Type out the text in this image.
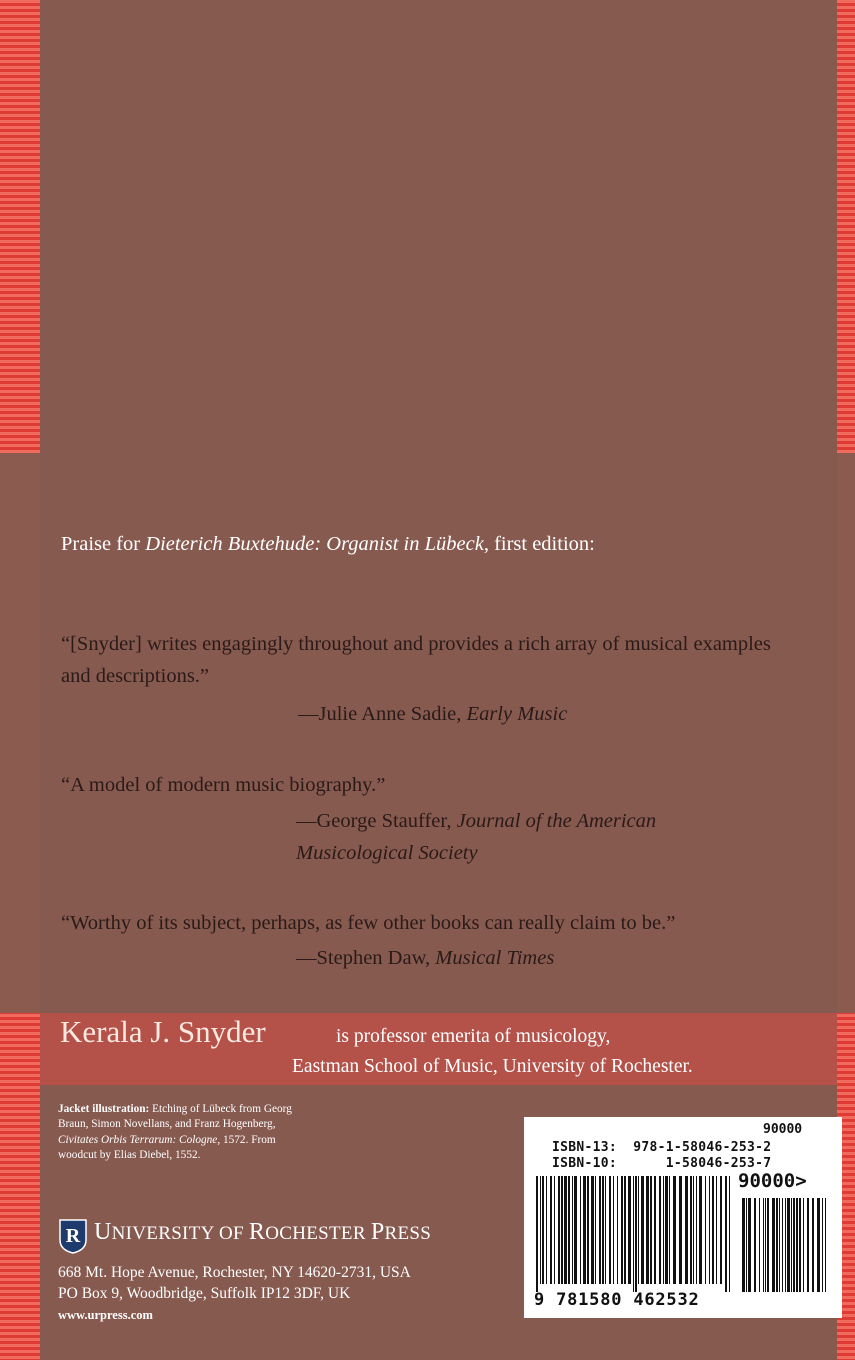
Praise for Dieterich Buxtehude: Organist in Lübeck, first edition:

“[Snyder] writes engagingly throughout and provides a rich array of musical examples and descriptions.”

—Julie Anne Sadie, Early Music

“A model of modern music biography.”

—George Stauffer, Journal of the American Musicological Society

“Worthy of its subject, perhaps, as few other books can really claim to be.”

—Stephen Daw, Musical Times

Kerala J. Snyder	is professor emerita of musicology,
Eastman School of Music, University of Rochester.

Jacket illustration: Etching of Lübeck from Georg Braun, Simon Novellans, and Franz Hogenberg, Civitates Orbis Terrarum: Cologne, 1572. From woodcut by Elias Diebel, 1552.

R UNIVERSITY OF ROCHESTER PRESS

668 Mt. Hope Avenue, Rochester, NY 14620-2731, USA
PO Box 9, Woodbridge, Suffolk IP12 3DF, UK
www.urpress.com

90000

ISBN-13:  978-1-58046-253-2

ISBN-10:      1-58046-253-7

90000>

9 781580 462532
